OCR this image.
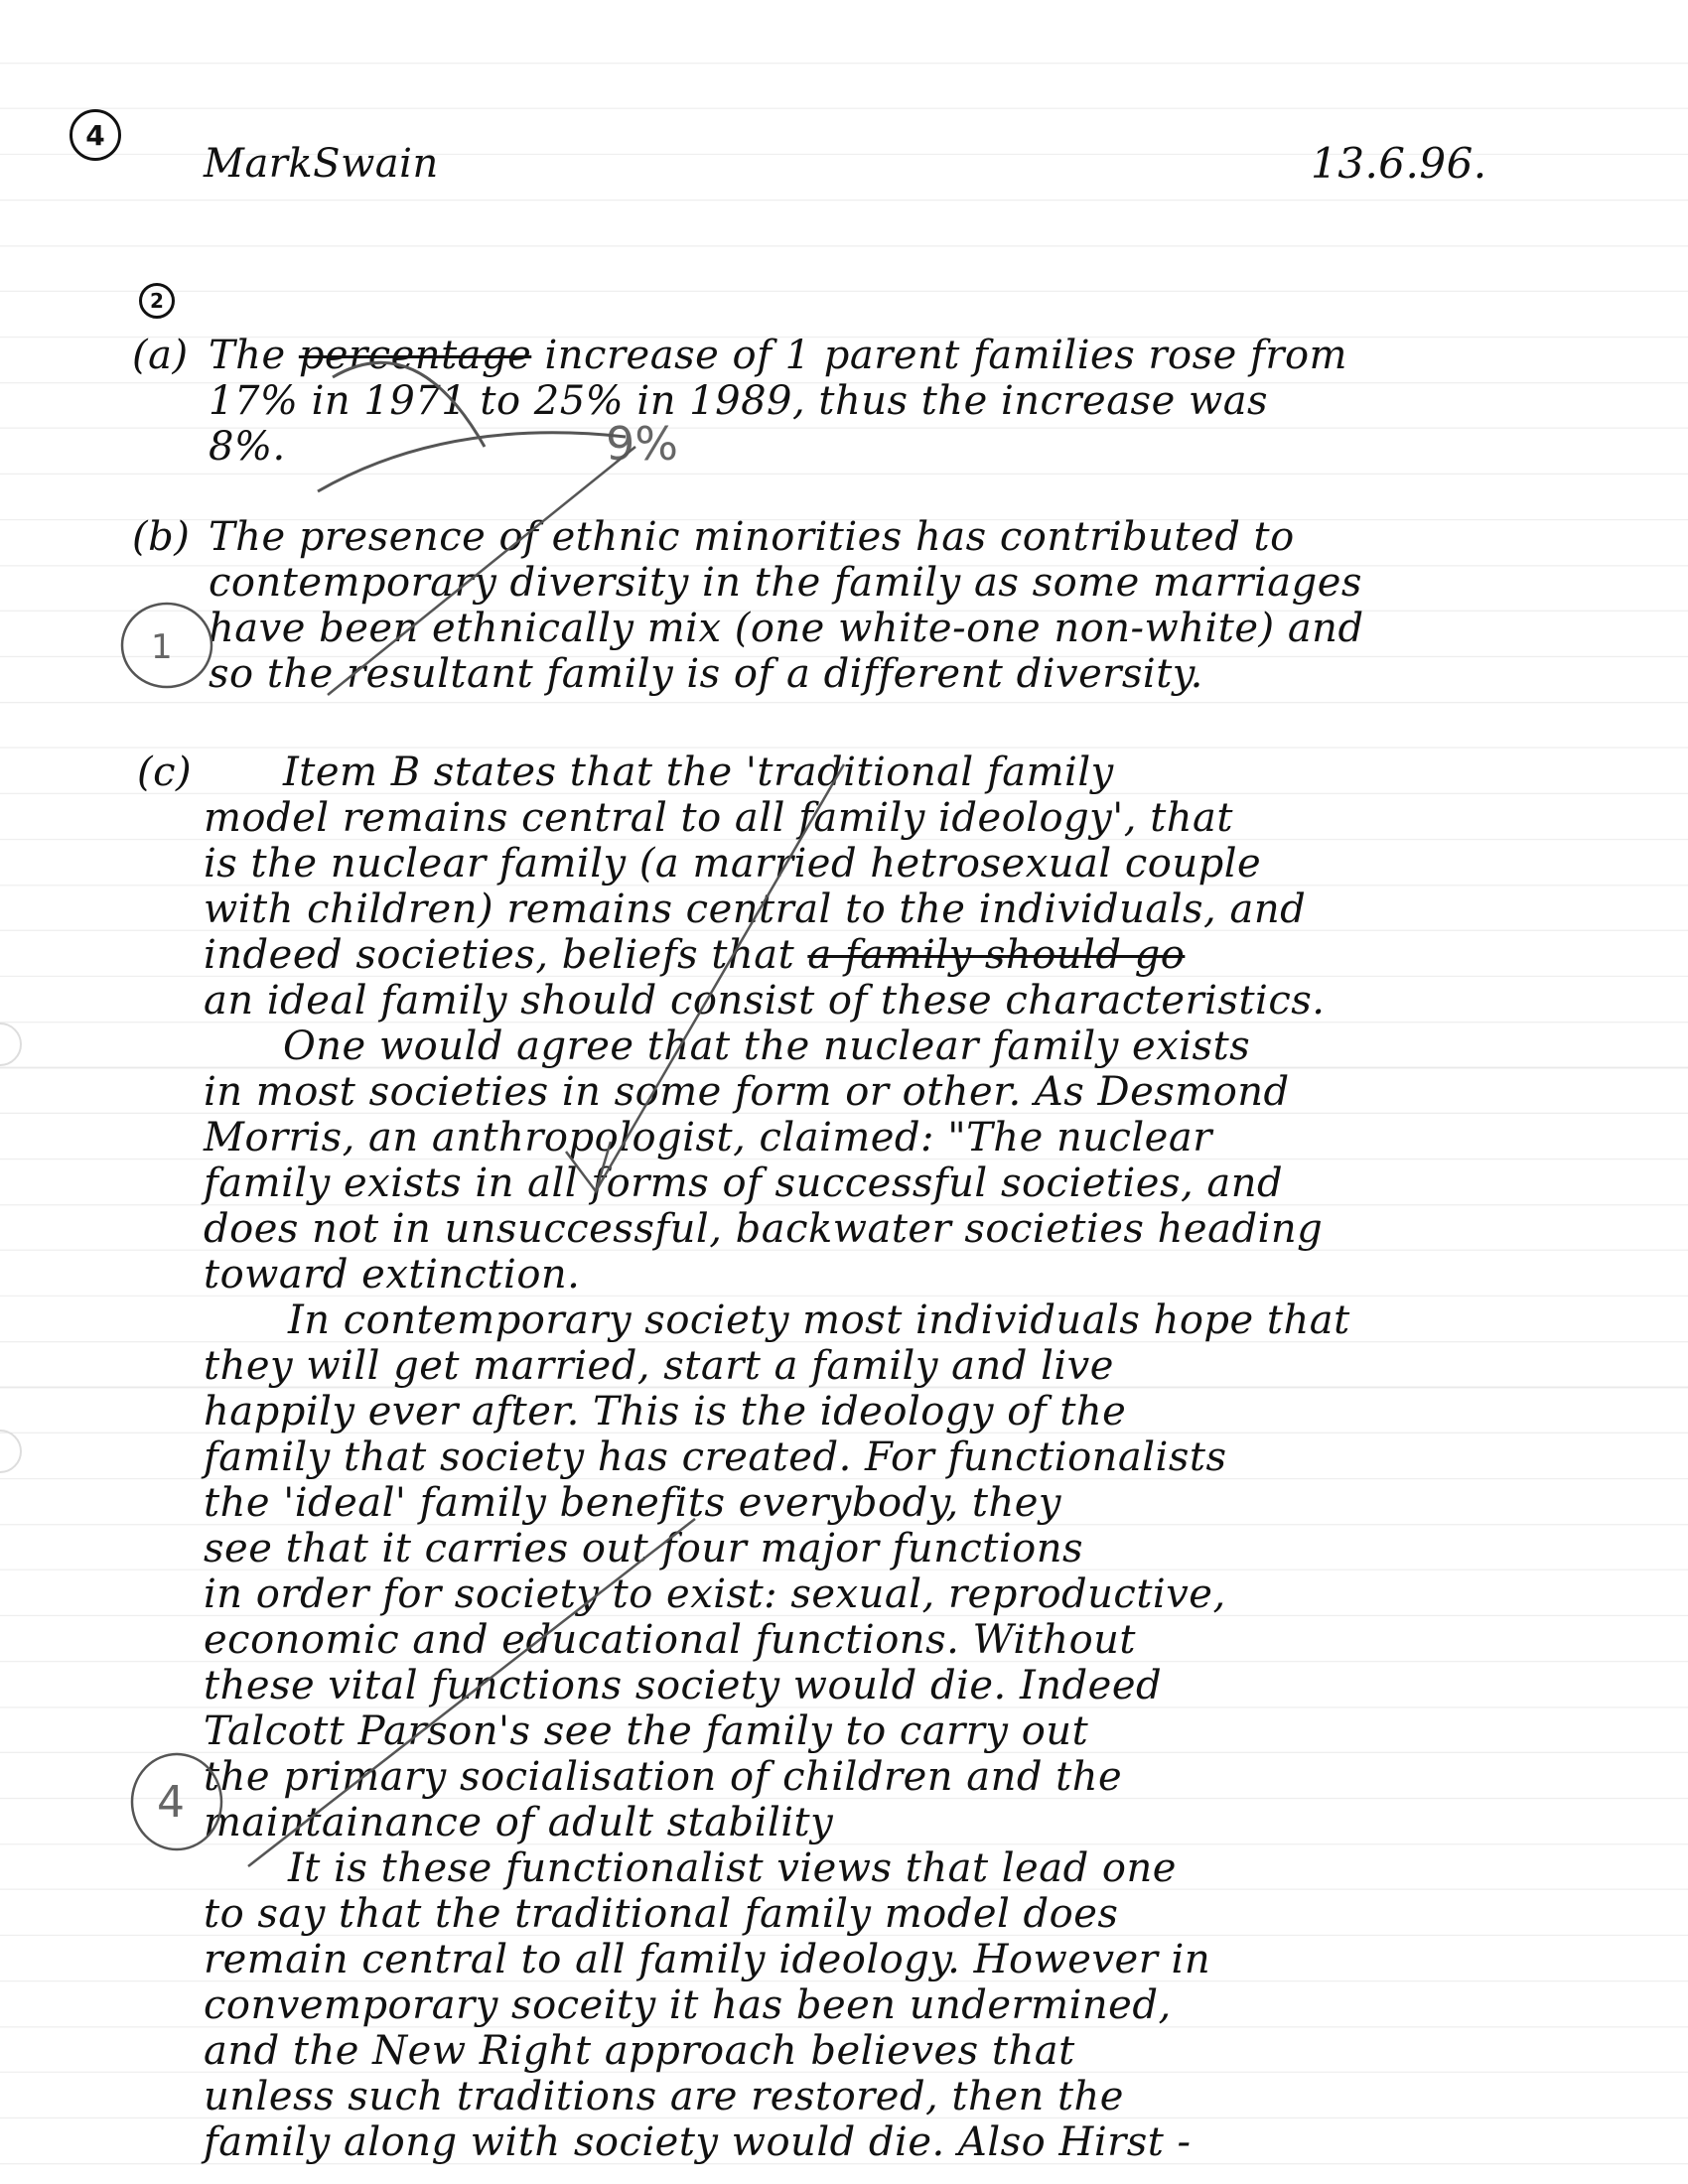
4
MarkSwain	13.6.96.
2
(a) The percentage increase of 1 parent families rose from
17% in 1971 to 25% in 1989, thus the increase was
8%.	9%
(b) The presence of ethnic minorities has contributed to
contemporary diversity in the family as some marriages
have been ethnically mix (one white-one non-white) and
so the resultant family is of a different diversity.
1
(c) Item B states that the 'traditional family
model remains central to all family ideology', that
is the nuclear family (a married hetrosexual couple
with children) remains central to the individuals, and
indeed societies, beliefs that a family should go
an ideal family should consist of these characteristics.
One would agree that the nuclear family exists
in most societies in some form or other. As Desmond
Morris, an anthropologist, claimed: "The nuclear
family exists in all forms of successful societies, and
does not in unsuccessful, backwater societies heading
toward extinction.
In contemporary society most individuals hope that
they will get married, start a family and live
happily ever after. This is the ideology of the
family that society has created. For functionalists
the 'ideal' family benefits everybody, they
see that it carries out four major functions
in order for society to exist: sexual, reproductive,
economic and educational functions. Without
these vital functions society would die. Indeed
Talcott Parson's see the family to carry out
the primary socialisation of children and the
maintainance of adult stability
It is these functionalist views that lead one
to say that the traditional family model does
remain central to all family ideology. However in
convemporary soceity it has been undermined,
and the New Right approach believes that
unless such traditions are restored, then the
family along with society would die. Also Hirst -
4
